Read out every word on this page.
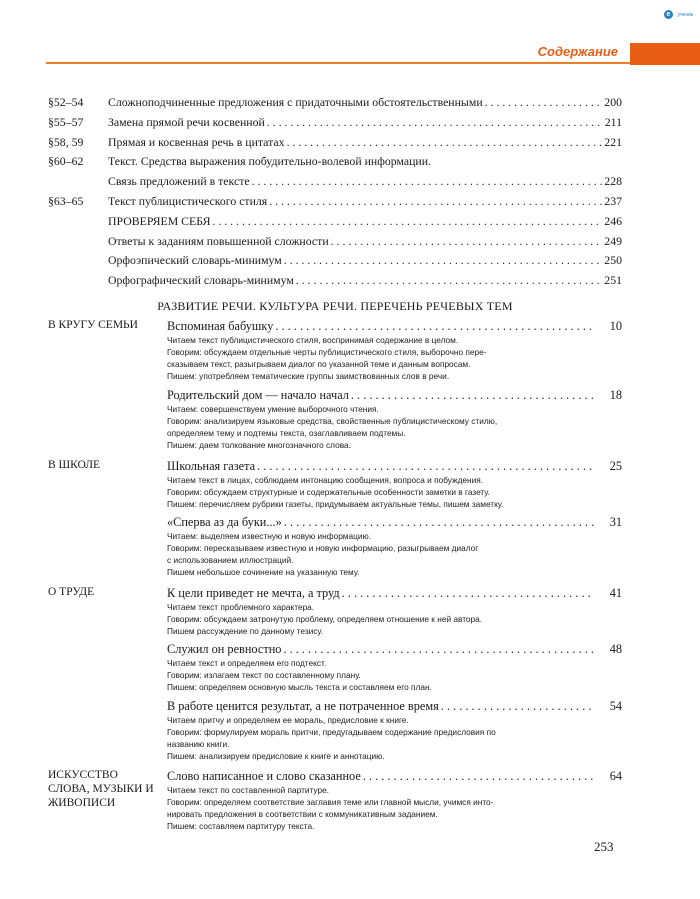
e ученик
Содержание
§52–54	Сложноподчиненные предложения с придаточными обстоятельственными . . .	200
§55–57	Замена прямой речи косвенной . . .	211
§58, 59	Прямая и косвенная речь в цитатах . . .	221
§60–62	Текст. Средства выражения побудительно-волевой информации.
Связь предложений в тексте . . .	228
§63–65	Текст публицистического стиля . . .	237
ПРОВЕРЯЕМ СЕБЯ . . .	246
Ответы к заданиям повышенной сложности . . .	249
Орфоэпический словарь-минимум . . .	250
Орфографический словарь-минимум . . .	251
РАЗВИТИЕ РЕЧИ. КУЛЬТУРА РЕЧИ. ПЕРЕЧЕНЬ РЕЧЕВЫХ ТЕМ
В КРУГУ СЕМЬИ	Вспоминая бабушку . . .	10
Читаем текст публицистического стиля, воспринимая содержание в целом.
Говорим: обсуждаем отдельные черты публицистического стиля, выборочно пере-
сказываем текст, разыгрываем диалог по указанной теме и данным вопросам.
Пишем: употребляем тематические группы заимствованных слов в речи.
Родительский дом — начало начал . . .	18
Читаем: совершенствуем умение выборочного чтения.
Говорим: анализируем языковые средства, свойственные публицистическому стилю,
определяем тему и подтемы текста, озаглавливаем подтемы.
Пишем: даем толкование многозначного слова.
В ШКОЛЕ	Школьная газета . . .	25
Читаем текст в лицах, соблюдаем интонацию сообщения, вопроса и побуждения.
Говорим: обсуждаем структурные и содержательные особенности заметки в газету.
Пишем: перечисляем рубрики газеты, придумываем актуальные темы, пишем заметку.
«Сперва аз да буки...» . . .	31
Читаем: выделяем известную и новую информацию.
Говорим: пересказываем известную и новую информацию, разыгрываем диалог
с использованием иллюстраций.
Пишем небольшое сочинение на указанную тему.
О ТРУДЕ	К цели приведет не мечта, а труд . . .	41
Читаем текст проблемного характера.
Говорим: обсуждаем затронутую проблему, определяем отношение к ней автора.
Пишем рассуждение по данному тезису.
Служил он ревностно . . .	48
Читаем текст и определяем его подтекст.
Говорим: излагаем текст по составленному плану.
Пишем: определяем основную мысль текста и составляем его план.
В работе ценится результат, а не потраченное время . . .	54
Читаем притчу и определяем ее мораль, предисловие к книге.
Говорим: формулируем мораль притчи, предугадываем содержание предисловия по
названию книги.
Пишем: анализируем предисловие к книге и аннотацию.
ИСКУССТВО СЛОВА, МУЗЫКИ И ЖИВОПИСИ
Слово написанное и слово сказанное . . .	64
Читаем текст по составленной партитуре.
Говорим: определяем соответствие заглавия теме или главной мысли, учимся инто-
нировать предложения в соответствии с коммуникативным заданием.
Пишем: составляем партитуру текста.
253
